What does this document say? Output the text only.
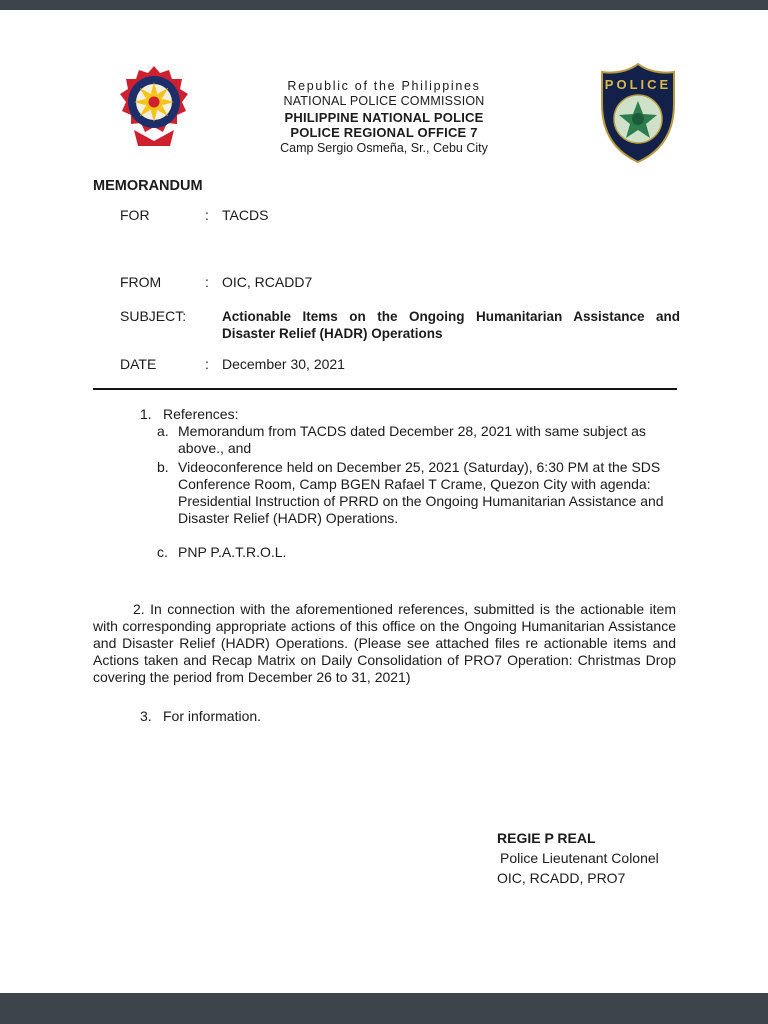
Republic of the Philippines
NATIONAL POLICE COMMISSION
PHILIPPINE NATIONAL POLICE
POLICE REGIONAL OFFICE 7
Camp Sergio Osmeña, Sr., Cebu City
POLICE
MEMORANDUM
FOR	: TACDS
FROM	: OIC, RCADD7
SUBJECT:	Actionable Items on the Ongoing Humanitarian Assistance and Disaster Relief (HADR) Operations
DATE	: December 30, 2021
1. References:
a. Memorandum from TACDS dated December 28, 2021 with same subject as above., and
b. Videoconference held on December 25, 2021 (Saturday), 6:30 PM at the SDS Conference Room, Camp BGEN Rafael T Crame, Quezon City with agenda: Presidential Instruction of PRRD on the Ongoing Humanitarian Assistance and Disaster Relief (HADR) Operations.
c. PNP P.A.T.R.O.L.
2. In connection with the aforementioned references, submitted is the actionable item with corresponding appropriate actions of this office on the Ongoing Humanitarian Assistance and Disaster Relief (HADR) Operations. (Please see attached files re actionable items and Actions taken and Recap Matrix on Daily Consolidation of PRO7 Operation: Christmas Drop covering the period from December 26 to 31, 2021)
3. For information.
REGIE P REAL
Police Lieutenant Colonel
OIC, RCADD, PRO7
